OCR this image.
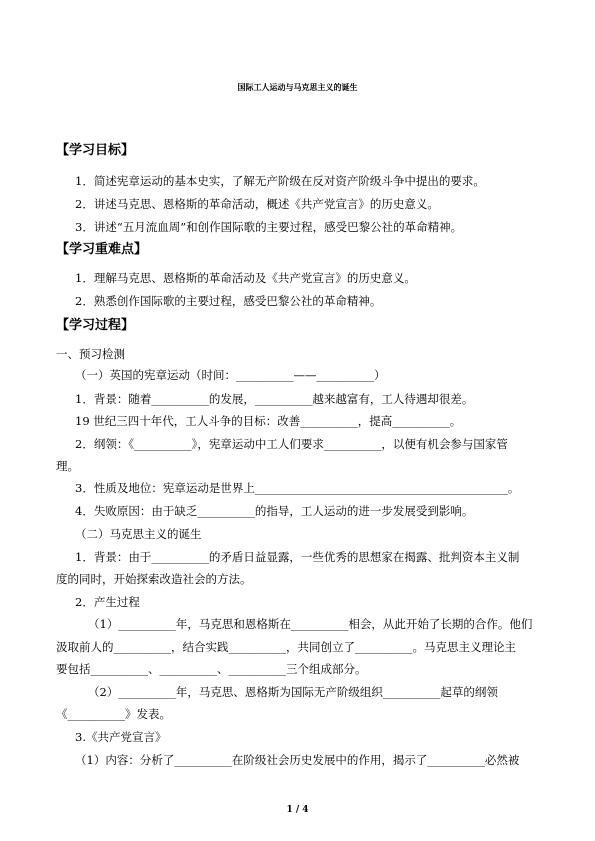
国际工人运动与马克思主义的诞生
【学习目标】
1．简述宪章运动的基本史实，了解无产阶级在反对资产阶级斗争中提出的要求。
2．讲述马克思、恩格斯的革命活动，概述《共产党宣言》的历史意义。
3．讲述“五月流血周”和创作国际歌的主要过程，感受巴黎公社的革命精神。
【学习重难点】
1．理解马克思、恩格斯的革命活动及《共产党宣言》的历史意义。
2．熟悉创作国际歌的主要过程，感受巴黎公社的革命精神。
【学习过程】
一、预习检测
（一）英国的宪章运动（时间：__________——__________）
1．背景：随着__________的发展，__________越来越富有，工人待遇却很差。
19 世纪三四十年代，工人斗争的目标：改善__________，提高__________。
2．纲领：《__________》，宪章运动中工人们要求__________，以便有机会参与国家管
理。
3．性质及地位：宪章运动是世界上____________________________________________。
4．失败原因：由于缺乏__________的指导，工人运动的进一步发展受到影响。
（二）马克思主义的诞生
1．背景：由于__________的矛盾日益显露，一些优秀的思想家在揭露、批判资本主义制
度的同时，开始探索改造社会的方法。
2．产生过程
（1）__________年，马克思和恩格斯在__________相会，从此开始了长期的合作。他们
汲取前人的__________，结合实践__________，共同创立了__________。马克思主义理论主
要包括__________、__________、__________三个组成部分。
（2）__________年，马克思、恩格斯为国际无产阶级组织__________起草的纲领
《__________》发表。
3.《共产党宣言》
（1）内容：分析了__________在阶级社会历史发展中的作用，揭示了__________必然被
1 / 4
